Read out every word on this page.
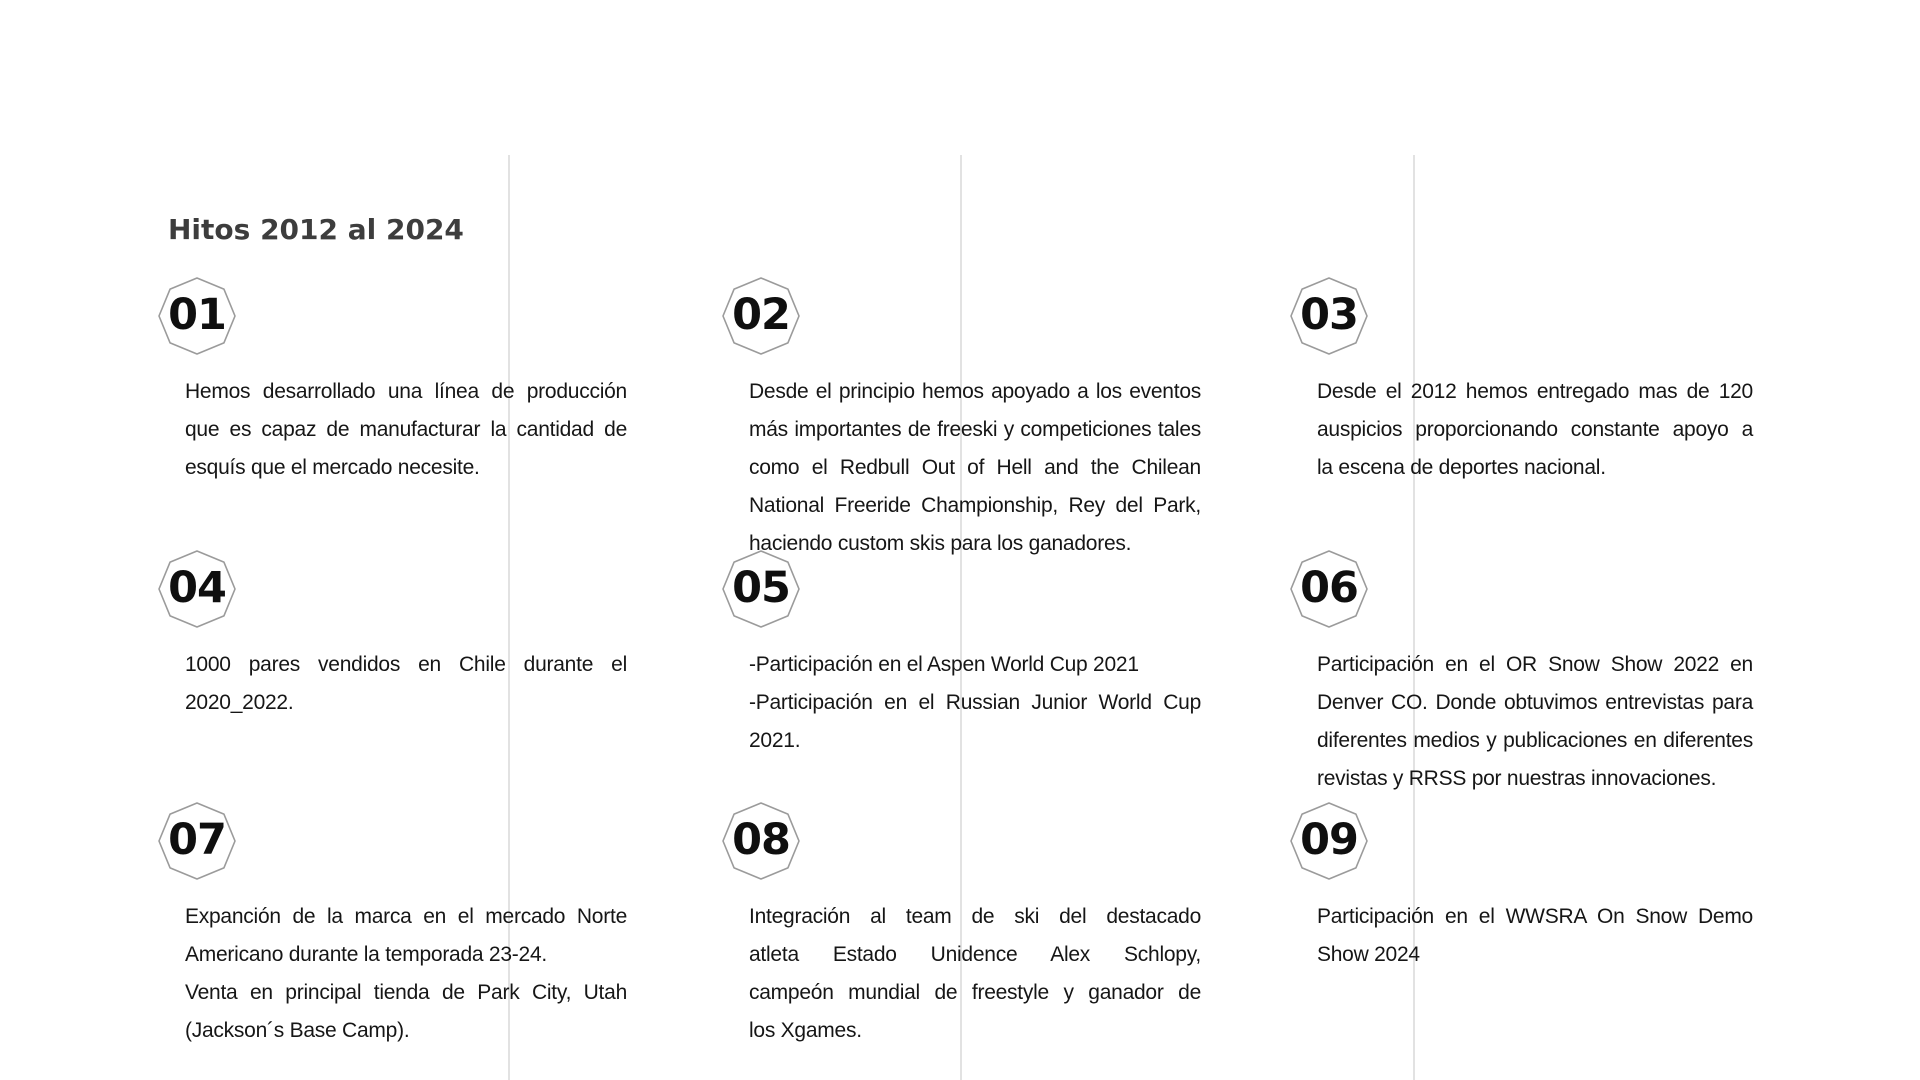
Hitos 2012 al 2024
01
Hemos desarrollado una línea de producción
que es capaz de manufacturar la cantidad de
esquís que el mercado necesite.
02
Desde el principio hemos apoyado a los eventos
más importantes de freeski y competiciones tales
como el Redbull Out of Hell and the Chilean
National Freeride Championship, Rey del Park,
haciendo custom skis para los ganadores.
03
Desde el 2012 hemos entregado mas de 120
auspicios proporcionando constante apoyo a
la escena de deportes nacional.
04
1000 pares vendidos en Chile durante el
2020_2022.
05
-Participación en el Aspen World Cup 2021
-Participación en el Russian Junior World Cup
2021.
06
Participación en el OR Snow Show 2022 en
Denver CO. Donde obtuvimos entrevistas para
diferentes medios y publicaciones en diferentes
revistas y RRSS por nuestras innovaciones.
07
Expanción de la marca en el mercado Norte
Americano durante la temporada 23-24.
Venta en principal tienda de Park City, Utah
(Jackson´s Base Camp).
08
Integración al team de ski del destacado
atleta Estado Unidence Alex Schlopy,
campeón mundial de freestyle y ganador de
los Xgames.
09
Participación en el WWSRA On Snow Demo
Show 2024
